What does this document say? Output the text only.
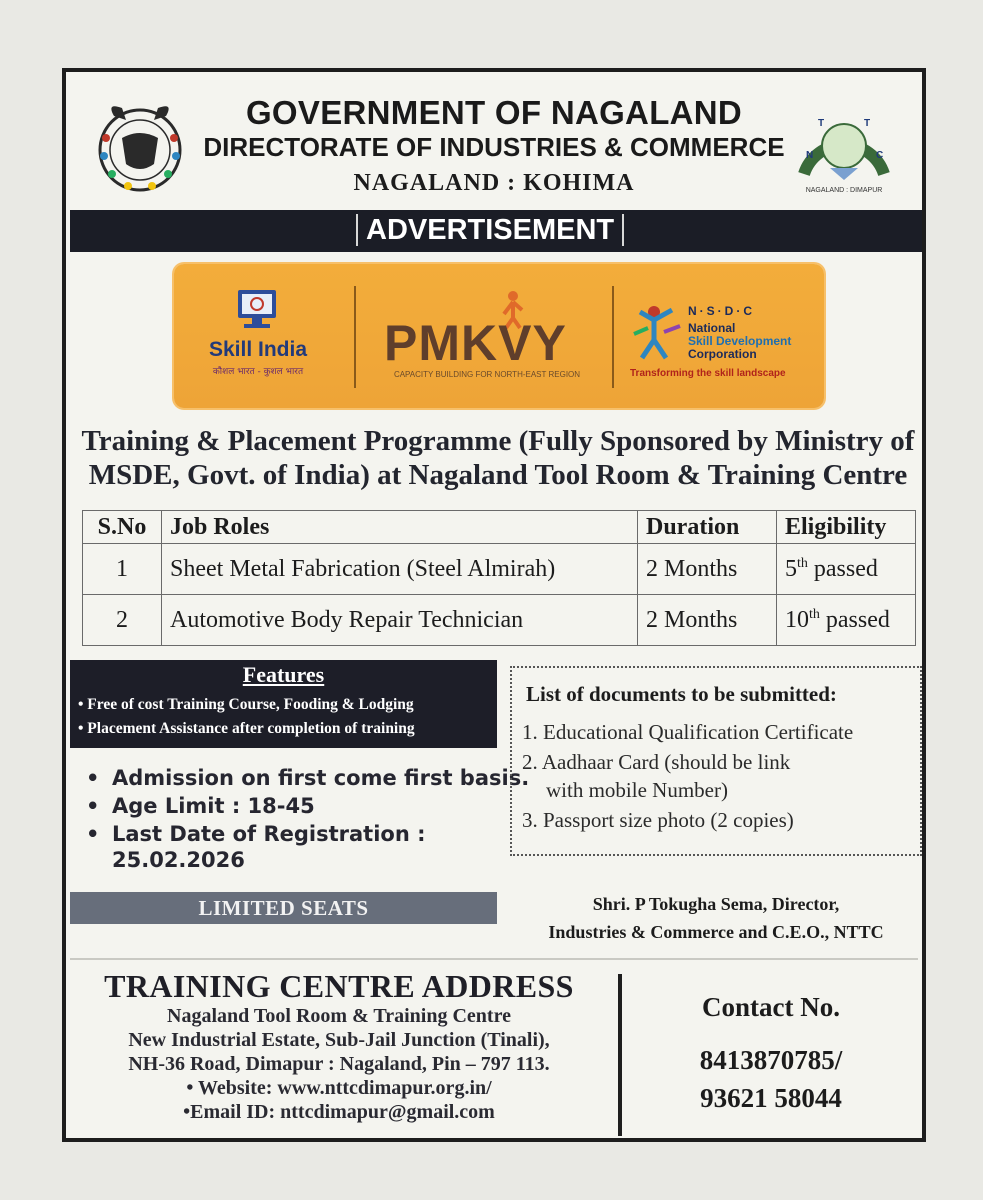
N
T	T
C
NAGALAND : DIMAPUR
GOVERNMENT OF NAGALAND
DIRECTORATE OF INDUSTRIES & COMMERCE
NAGALAND : KOHIMA
ADVERTISEMENT
Skill India
कौशल भारत - कुशल भारत
PMKVY
CAPACITY BUILDING FOR NORTH-EAST REGION
N·S·D·C
National
Skill Development
Corporation
Transforming the skill landscape
Training & Placement Programme (Fully Sponsored by Ministry of
MSDE, Govt. of India) at Nagaland Tool Room & Training Centre
S.No	Job Roles	Duration	Eligibility
1	Sheet Metal Fabrication (Steel Almirah)	2 Months	5th passed
2	Automotive Body Repair Technician	2 Months	10th passed
Features
• Free of cost Training Course, Fooding & Lodging
• Placement Assistance after completion of training
• Admission on first come first basis.
• Age Limit : 18-45
• Last Date of Registration :
25.02.2026
List of documents to be submitted:
1. Educational Qualification Certificate
2. Aadhaar Card (should be link
with mobile Number)
3. Passport size photo (2 copies)
LIMITED SEATS	Shri. P Tokugha Sema, Director,
Industries & Commerce and C.E.O., NTTC
TRAINING CENTRE ADDRESS
Nagaland Tool Room & Training Centre
New Industrial Estate, Sub-Jail Junction (Tinali),
NH-36 Road, Dimapur : Nagaland, Pin – 797 113.
• Website: www.nttcdimapur.org.in/
•Email ID: nttcdimapur@gmail.com
Contact No.
8413870785/
93621 58044
